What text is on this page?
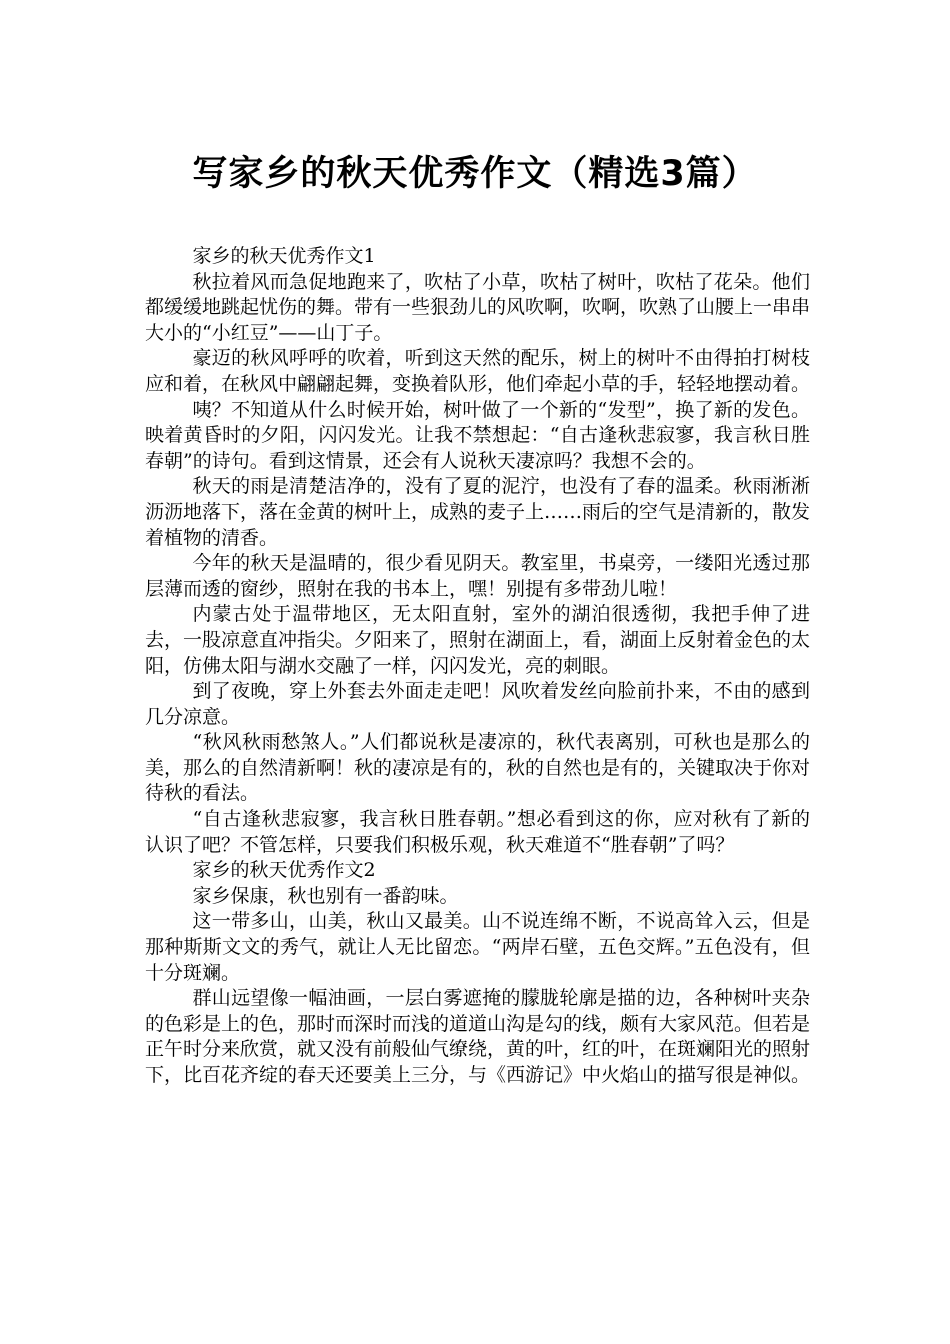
写家乡的秋天优秀作文（精选3篇）

家乡的秋天优秀作文1

秋拉着风而急促地跑来了，吹枯了小草，吹枯了树叶，吹枯了花朵。他们都缓缓地跳起忧伤的舞。带有一些狠劲儿的风吹啊，吹啊，吹熟了山腰上一串串大小的“小红豆”——山丁子。

豪迈的秋风呼呼的吹着，听到这天然的配乐，树上的树叶不由得拍打树枝应和着，在秋风中翩翩起舞，变换着队形，他们牵起小草的手，轻轻地摆动着。

咦？不知道从什么时候开始，树叶做了一个新的“发型”，换了新的发色。映着黄昏时的夕阳，闪闪发光。让我不禁想起：“自古逢秋悲寂寥，我言秋日胜春朝”的诗句。看到这情景，还会有人说秋天凄凉吗？我想不会的。

秋天的雨是清楚洁净的，没有了夏的泥泞，也没有了春的温柔。秋雨淅淅沥沥地落下，落在金黄的树叶上，成熟的麦子上……雨后的空气是清新的，散发着植物的清香。

今年的秋天是温晴的，很少看见阴天。教室里，书桌旁，一缕阳光透过那层薄而透的窗纱，照射在我的书本上，嘿！别提有多带劲儿啦！

内蒙古处于温带地区，无太阳直射，室外的湖泊很透彻，我把手伸了进去，一股凉意直冲指尖。夕阳来了，照射在湖面上，看，湖面上反射着金色的太阳，仿佛太阳与湖水交融了一样，闪闪发光，亮的刺眼。

到了夜晚，穿上外套去外面走走吧！风吹着发丝向脸前扑来，不由的感到几分凉意。

“秋风秋雨愁煞人。”人们都说秋是凄凉的，秋代表离别，可秋也是那么的美，那么的自然清新啊！秋的凄凉是有的，秋的自然也是有的，关键取决于你对待秋的看法。

“自古逢秋悲寂寥，我言秋日胜春朝。”想必看到这的你，应对秋有了新的认识了吧？不管怎样，只要我们积极乐观，秋天难道不“胜春朝”了吗？

家乡的秋天优秀作文2

家乡保康，秋也别有一番韵味。

这一带多山，山美，秋山又最美。山不说连绵不断，不说高耸入云，但是那种斯斯文文的秀气，就让人无比留恋。“两岸石壁，五色交辉。”五色没有，但十分斑斓。

群山远望像一幅油画，一层白雾遮掩的朦胧轮廓是描的边，各种树叶夹杂的色彩是上的色，那时而深时而浅的道道山沟是勾的线，颇有大家风范。但若是正午时分来欣赏，就又没有前般仙气缭绕，黄的叶，红的叶，在斑斓阳光的照射下，比百花齐绽的春天还要美上三分，与《西游记》中火焰山的描写很是神似。
